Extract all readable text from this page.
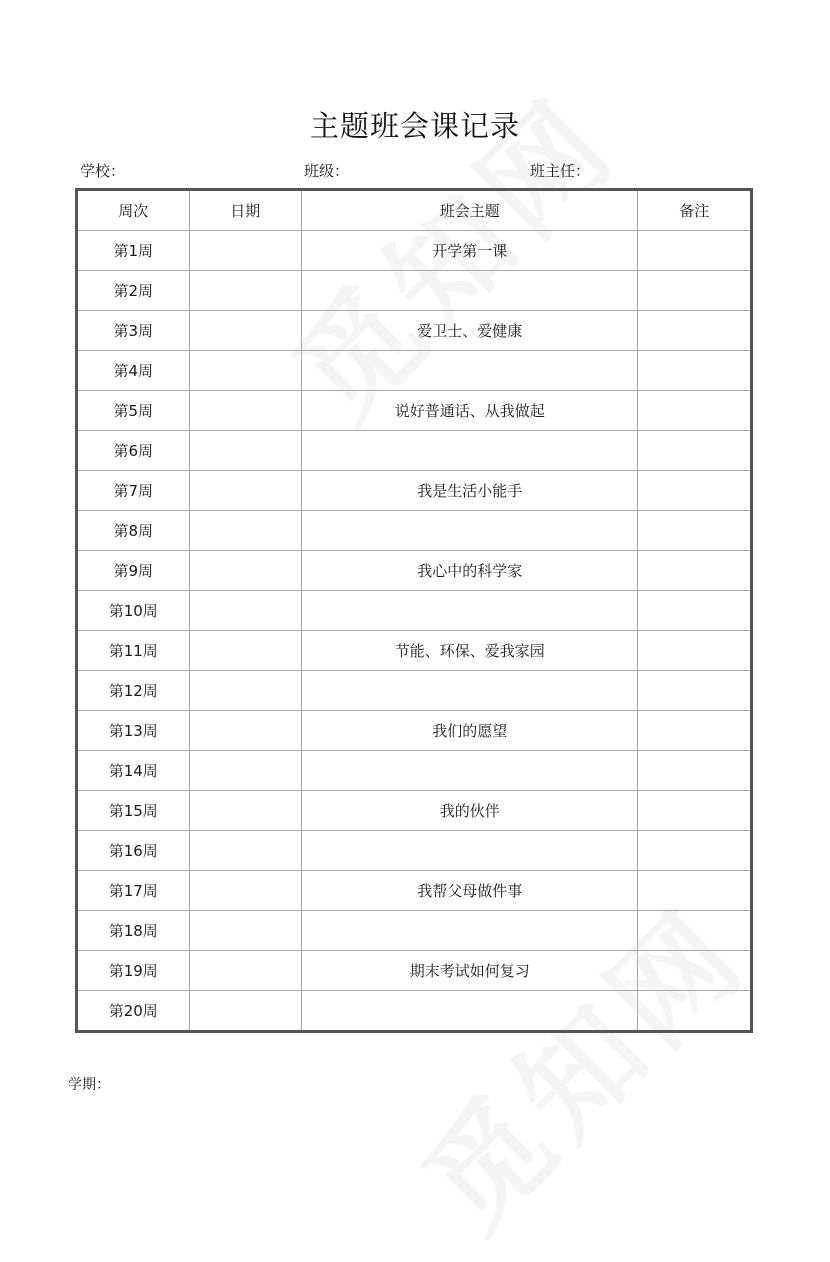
主题班会课记录
学校：	班级：	班主任：
周次	日期	班会主题	备注
第1周		开学第一课	
第2周			
第3周		爱卫士、爱健康	
第4周			
第5周		说好普通话、从我做起	
第6周			
第7周		我是生活小能手	
第8周			
第9周		我心中的科学家	
第10周			
第11周		节能、环保、爱我家园	
第12周			
第13周		我们的愿望	
第14周			
第15周		我的伙伴	
第16周			
第17周		我帮父母做件事	
第18周			
第19周		期末考试如何复习	
第20周			
学期：
